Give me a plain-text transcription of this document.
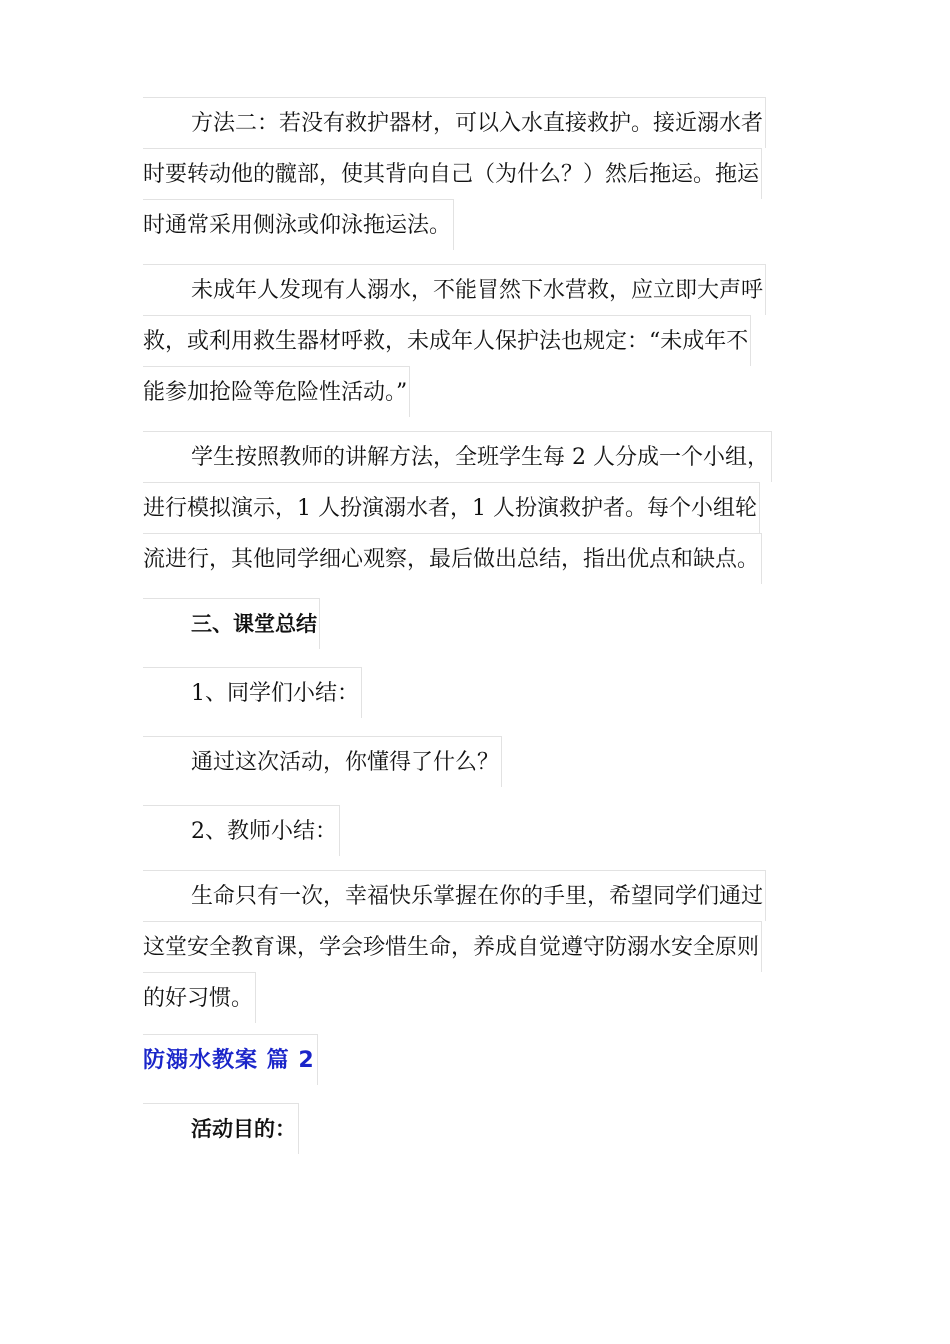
方法二：若没有救护器材，可以入水直接救护。接近溺水者
时要转动他的髋部，使其背向自己（为什么？）然后拖运。拖运
时通常采用侧泳或仰泳拖运法。
未成年人发现有人溺水，不能冒然下水营救，应立即大声呼
救，或利用救生器材呼救，未成年人保护法也规定：“未成年不
能参加抢险等危险性活动。”
学生按照教师的讲解方法，全班学生每 2 人分成一个小组，
进行模拟演示，1 人扮演溺水者，1 人扮演救护者。每个小组轮
流进行，其他同学细心观察，最后做出总结，指出优点和缺点。
三、课堂总结
1、同学们小结：
通过这次活动，你懂得了什么？
2、教师小结：
生命只有一次，幸福快乐掌握在你的手里，希望同学们通过
这堂安全教育课，学会珍惜生命，养成自觉遵守防溺水安全原则
的好习惯。
防溺水教案 篇 2
活动目的：
